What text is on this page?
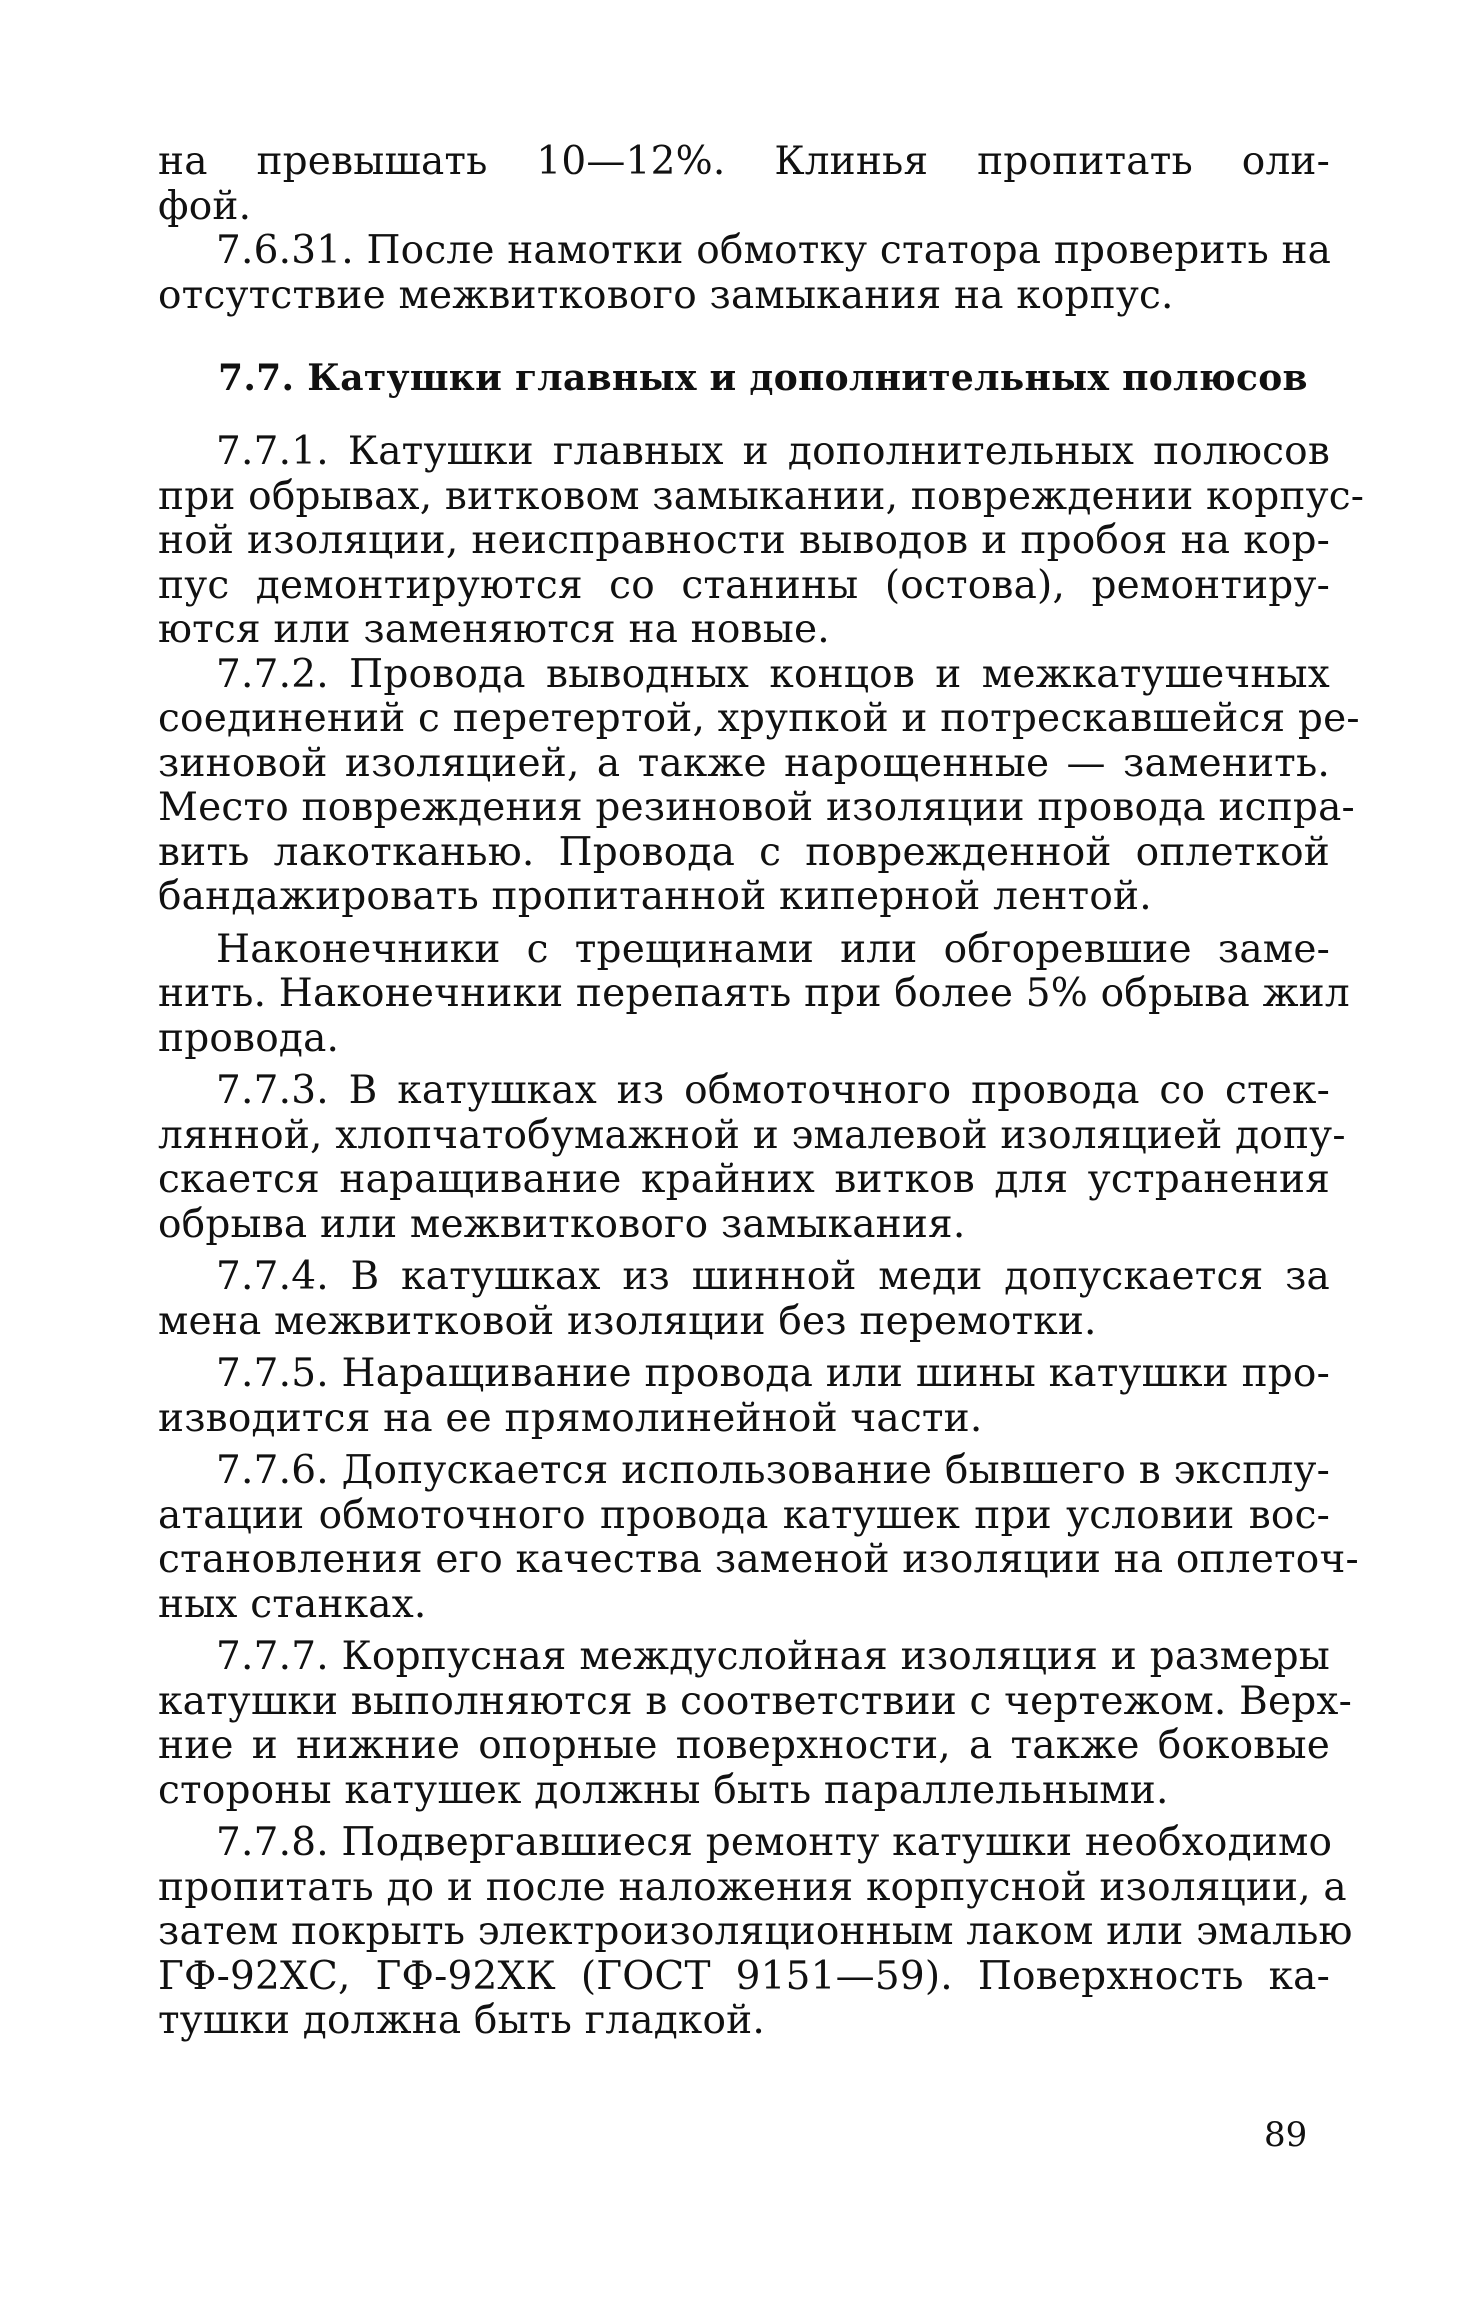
на превышать 10—12%. Клинья пропитать оли-
фой.
7.6.31. После намотки обмотку статора проверить на
отсутствие межвиткового замыкания на корпус.
7.7. Катушки главных и дополнительных полюсов
7.7.1. Катушки главных и дополнительных полюсов
при обрывах, витковом замыкании, повреждении корпус-
ной изоляции, неисправности выводов и пробоя на кор-
пус демонтируются со станины (остова), ремонтиру-
ются или заменяются на новые.
7.7.2. Провода выводных концов и межкатушечных
соединений с перетертой, хрупкой и потрескавшейся ре-
зиновой изоляцией, а также нарощенные — заменить.
Место повреждения резиновой изоляции провода испра-
вить лакотканью. Провода с поврежденной оплеткой
бандажировать пропитанной киперной лентой.
Наконечники с трещинами или обгоревшие заме-
нить. Наконечники перепаять при более 5% обрыва жил
провода.
7.7.3. В катушках из обмоточного провода со стек-
лянной, хлопчатобумажной и эмалевой изоляцией допу-
скается наращивание крайних витков для устранения
обрыва или межвиткового замыкания.
7.7.4. В катушках из шинной меди допускается за
мена межвитковой изоляции без перемотки.
7.7.5. Наращивание провода или шины катушки про-
изводится на ее прямолинейной части.
7.7.6. Допускается использование бывшего в эксплу-
атации обмоточного провода катушек при условии вос-
становления его качества заменой изоляции на оплеточ-
ных станках.
7.7.7. Корпусная междуслойная изоляция и размеры
катушки выполняются в соответствии с чертежом. Верх-
ние и нижние опорные поверхности, а также боковые
стороны катушек должны быть параллельными.
7.7.8. Подвергавшиеся ремонту катушки необходимо
пропитать до и после наложения корпусной изоляции, а
затем покрыть электроизоляционным лаком или эмалью
ГФ-92ХС, ГФ-92ХК (ГОСТ 9151—59). Поверхность ка-
тушки должна быть гладкой.
89
